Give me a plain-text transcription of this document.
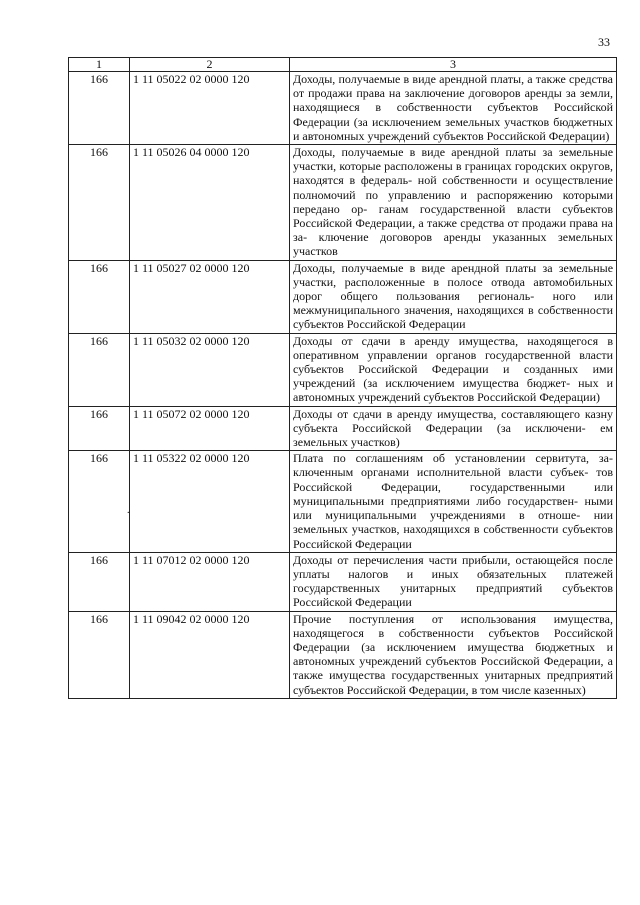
33
1	2	3
166	1 11 05022 02 0000 120	Доходы, получаемые в виде арендной платы, а также средства от продажи права на заключение договоров аренды за земли, находящиеся в собственности субъектов Российской Федерации (за исключением земельных участков бюджетных и автономных учреждений субъектов Российской Федерации)
166	1 11 05026 04 0000 120	Доходы, получаемые в виде арендной платы за земельные участки, которые расположены в границах городских округов, находятся в федераль- ной собственности и осуществление полномочий по управлению и распоряжению которыми передано ор- ганам государственной власти субъектов Российской Федерации, а также средства от продажи права на за- ключение договоров аренды указанных земельных участков
166	1 11 05027 02 0000 120	Доходы, получаемые в виде арендной платы за земельные участки, расположенные в полосе отвода автомобильных дорог общего пользования региональ- ного или межмуниципального значения, находящихся в собственности субъектов Российской Федерации
166	1 11 05032 02 0000 120	Доходы от сдачи в аренду имущества, находящегося в оперативном управлении органов государственной власти субъектов Российской Федерации и созданных ими учреждений (за исключением имущества бюджет- ных и автономных учреждений субъектов Российской Федерации)
166	1 11 05072 02 0000 120	Доходы от сдачи в аренду имущества, составляющего казну субъекта Российской Федерации (за исключени- ем земельных участков)
166	1 11 05322 02 0000 120	Плата по соглашениям об установлении сервитута, за- ключенным органами исполнительной власти субъек- тов Российской Федерации, государственными или муниципальными предприятиями либо государствен- ными или муниципальными учреждениями в отноше- нии земельных участков, находящихся в собственности субъектов Российской Федерации
166	1 11 07012 02 0000 120	Доходы от перечисления части прибыли, остающейся после уплаты налогов и иных обязательных платежей государственных унитарных предприятий субъектов Российской Федерации
166	1 11 09042 02 0000 120	Прочие поступления от использования имущества, находящегося в собственности субъектов Российской Федерации (за исключением имущества бюджетных и автономных учреждений субъектов Российской Федерации, а также имущества государственных унитарных предприятий субъектов Российской Федерации, в том числе казенных)
.
